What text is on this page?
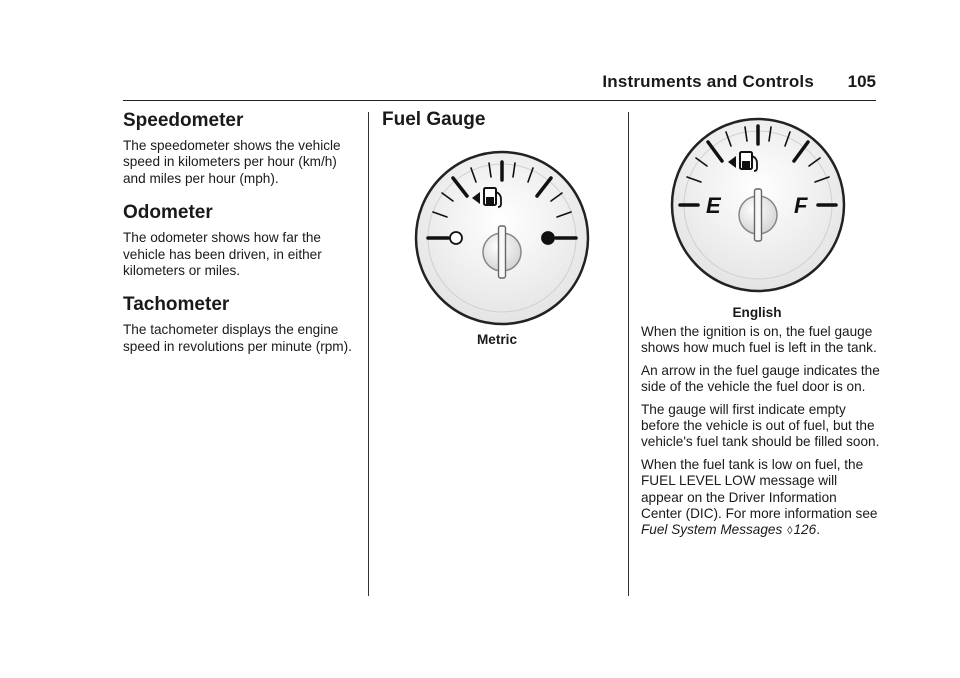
Instruments and Controls 105
Speedometer

The speedometer shows the vehicle speed in kilometers per hour (km/h) and miles per hour (mph).

Odometer

The odometer shows how far the vehicle has been driven, in either kilometers or miles.

Tachometer

The tachometer displays the engine speed in revolutions per minute (rpm).

Fuel Gauge
Metric
E	F
English

When the ignition is on, the fuel gauge shows how much fuel is left in the tank.

An arrow in the fuel gauge indicates the side of the vehicle the fuel door is on.

The gauge will first indicate empty before the vehicle is out of fuel, but the vehicle's fuel tank should be filled soon.

When the fuel tank is low on fuel, the FUEL LEVEL LOW message will appear on the Driver Information Center (DIC). For more information see Fuel System Messages ◊126.
